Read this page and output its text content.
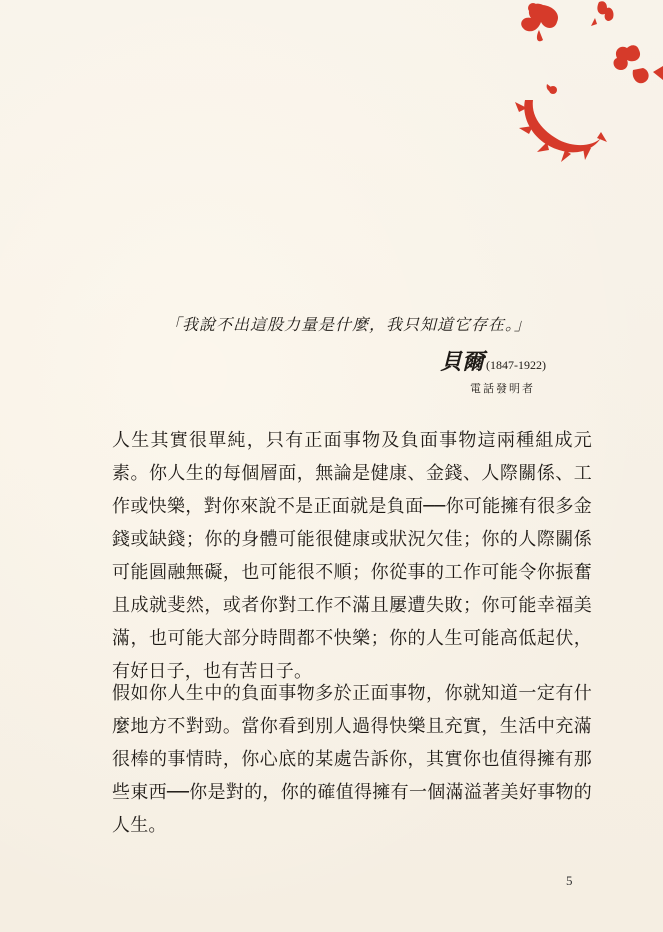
「我說不出這股力量是什麼，我只知道它存在。」
貝爾 (1847-1922)
電話發明者

人生其實很單純，只有正面事物及負面事物這兩種組成元素。你人生的每個層面，無論是健康、金錢、人際關係、工作或快樂，對你來說不是正面就是負面──你可能擁有很多金錢或缺錢；你的身體可能很健康或狀況欠佳；你的人際關係可能圓融無礙，也可能很不順；你從事的工作可能令你振奮且成就斐然，或者你對工作不滿且屢遭失敗；你可能幸福美滿，也可能大部分時間都不快樂；你的人生可能高低起伏，有好日子，也有苦日子。

假如你人生中的負面事物多於正面事物，你就知道一定有什麼地方不對勁。當你看到別人過得快樂且充實，生活中充滿很棒的事情時，你心底的某處告訴你，其實你也值得擁有那些東西──你是對的，你的確值得擁有一個滿溢著美好事物的人生。

5
